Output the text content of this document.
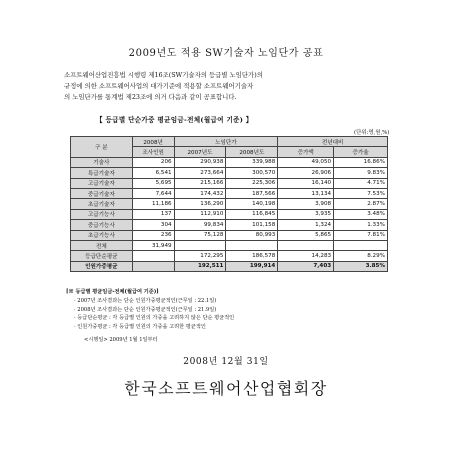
2009년도 적용 SW기술자 노임단가 공표
소프트웨어산업진흥법 시행령 제16조(SW기술자의 등급별 노임단가)의
규정에 의한 소프트웨어사업의 대가기준에 적용할 소프트웨어기술자
의 노임단가를 통계법 제23조에 의거 다음과 같이 공표합니다.
【 등급별 단순가중 평균임금-전체(월급여 기준) 】
(단위:명,원,%)
구 분	2008년	노임단가		전년대비	
	조사인원	2007년도	2008년도	증가액	증가율
기술사	206	290,938	339,988	49,050	16.86%
특급기술자	6,541	273,664	300,570	26,906	9.83%
고급기술자	5,695	215,166	225,306	16,140	4.71%
중급기술자	7,644	174,432	187,566	13,134	7.53%
초급기술자	11,186	136,290	140,198	3,908	2.87%
고급기능사	137	112,910	116,845	3,935	3.48%
중급기능사	304	99,834	101,158	1,324	1.33%
초급기능사	236	75,128	80,993	5,865	7.81%
전체	31,949				
등급단순평균		172,295	186,578	14,283	8.29%
인원가중평균		192,511	199,914	7,403	3.85%
[※ 등급별 평균임금-전체(월급여 기준)]
· 2007년 조사결과는 단순 인원가중평균적인(근무일 : 22.1일)
· 2008년 조사결과는 단순 인원가중평균적인(근무일 : 21.9일)
· 등급단순평균 : 각 등급별 인원의 가중을 고려하지 않은 단순 평균적인
· 인원가중평균 : 각 등급별 인원의 가중을 고려한 평균적인
<시행일> 2009년 1월 1일부터
2008년 12월 31일
한국소프트웨어산업협회장
